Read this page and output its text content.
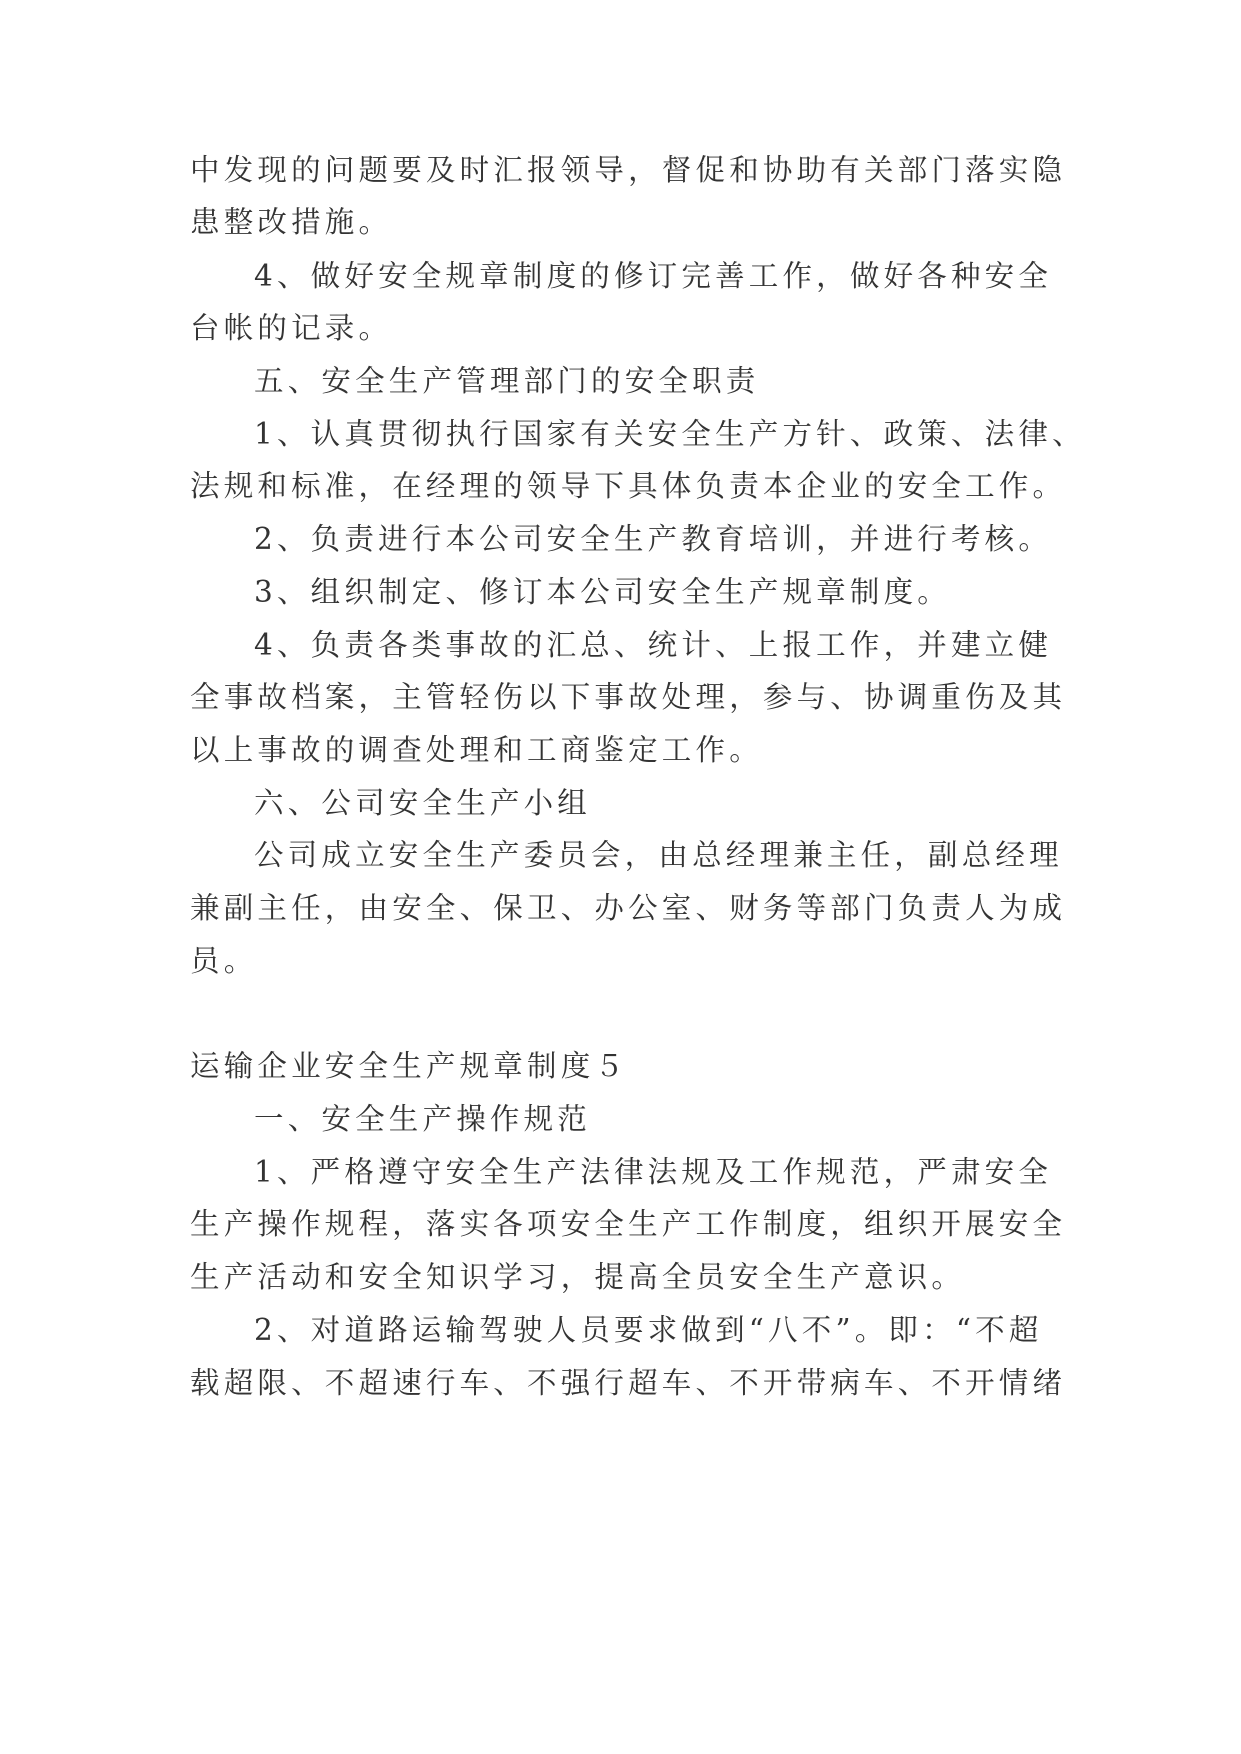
中发现的问题要及时汇报领导，督促和协助有关部门落实隐
患整改措施。
4、做好安全规章制度的修订完善工作，做好各种安全
台帐的记录。
五、安全生产管理部门的安全职责
1、认真贯彻执行国家有关安全生产方针、政策、法律、
法规和标准，在经理的领导下具体负责本企业的安全工作。
2、负责进行本公司安全生产教育培训，并进行考核。
3、组织制定、修订本公司安全生产规章制度。
4、负责各类事故的汇总、统计、上报工作，并建立健
全事故档案，主管轻伤以下事故处理，参与、协调重伤及其
以上事故的调查处理和工商鉴定工作。
六、公司安全生产小组
公司成立安全生产委员会，由总经理兼主任，副总经理
兼副主任，由安全、保卫、办公室、财务等部门负责人为成
员。
运输企业安全生产规章制度５
一、安全生产操作规范
1、严格遵守安全生产法律法规及工作规范，严肃安全
生产操作规程，落实各项安全生产工作制度，组织开展安全
生产活动和安全知识学习，提高全员安全生产意识。
2、对道路运输驾驶人员要求做到“八不”。即：“不超
载超限、不超速行车、不强行超车、不开带病车、不开情绪
